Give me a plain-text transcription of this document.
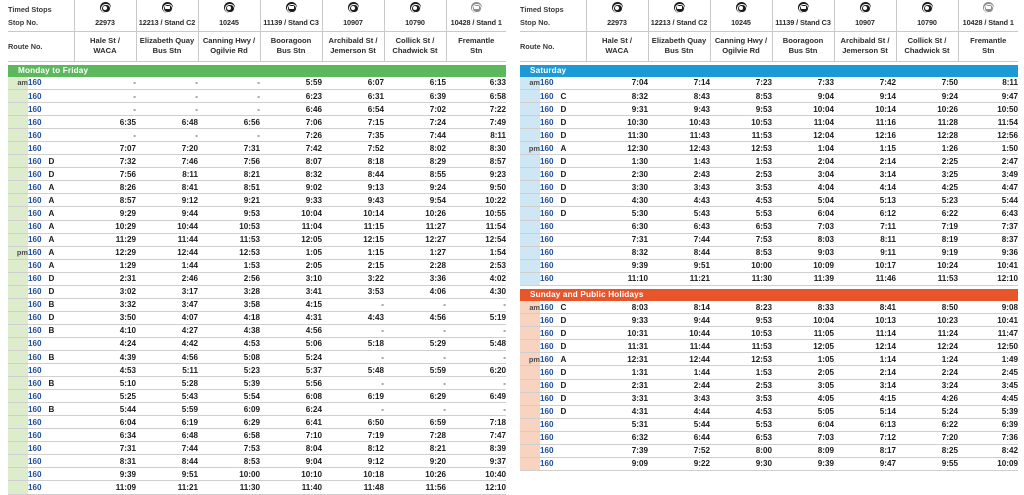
Timed Stops							
Stop No.	22973	12213 / Stand C2	10245	11139 / Stand C3	10907	10790	10428 / Stand 1
Route No.	
Hale St /
WACA

Elizabeth Quay
Bus Stn

Canning Hwy /
Ogilvie Rd

Booragoon
Bus Stn

Archibald St /
Jemerson St

Collick St /
Chadwick St

Fremantle
Stn
Monday to Friday
am	160	-	-	-	5:59	6:07	6:15	6:33
	160	-	-	-	6:23	6:31	6:39	6:58
	160	-	-	-	6:46	6:54	7:02	7:22
	160	6:35	6:48	6:56	7:06	7:15	7:24	7:49
	160	-	-	-	7:26	7:35	7:44	8:11
	160	7:07	7:20	7:31	7:42	7:52	8:02	8:30
	160 D	7:32	7:46	7:56	8:07	8:18	8:29	8:57
	160 D	7:56	8:11	8:21	8:32	8:44	8:55	9:23
	160 A	8:26	8:41	8:51	9:02	9:13	9:24	9:50
	160 A	8:57	9:12	9:21	9:33	9:43	9:54	10:22
	160 A	9:29	9:44	9:53	10:04	10:14	10:26	10:55
	160 A	10:29	10:44	10:53	11:04	11:15	11:27	11:54
	160 A	11:29	11:44	11:53	12:05	12:15	12:27	12:54
pm	160 A	12:29	12:44	12:53	1:05	1:15	1:27	1:54
	160 A	1:29	1:44	1:53	2:05	2:15	2:28	2:53
	160 D	2:31	2:46	2:56	3:10	3:22	3:36	4:02
	160 D	3:02	3:17	3:28	3:41	3:53	4:06	4:30
	160 B	3:32	3:47	3:58	4:15	-	-	-
	160 D	3:50	4:07	4:18	4:31	4:43	4:56	5:19
	160 B	4:10	4:27	4:38	4:56	-	-	-
	160	4:24	4:42	4:53	5:06	5:18	5:29	5:48
	160 B	4:39	4:56	5:08	5:24	-	-	-
	160	4:53	5:11	5:23	5:37	5:48	5:59	6:20
	160 B	5:10	5:28	5:39	5:56	-	-	-
	160	5:25	5:43	5:54	6:08	6:19	6:29	6:49
	160 B	5:44	5:59	6:09	6:24	-	-	-
	160	6:04	6:19	6:29	6:41	6:50	6:59	7:18
	160	6:34	6:48	6:58	7:10	7:19	7:28	7:47
	160	7:31	7:44	7:53	8:04	8:12	8:21	8:39
	160	8:31	8:44	8:53	9:04	9:12	9:20	9:37
	160	9:39	9:51	10:00	10:10	10:18	10:26	10:40
	160	11:09	11:21	11:30	11:40	11:48	11:56	12:10
Timed Stops							
Stop No.	22973	12213 / Stand C2	10245	11139 / Stand C3	10907	10790	10428 / Stand 1
Route No.	
Hale St /
WACA

Elizabeth Quay
Bus Stn

Canning Hwy /
Ogilvie Rd

Booragoon
Bus Stn

Archibald St /
Jemerson St

Collick St /
Chadwick St

Fremantle
Stn
Saturday
am	160	7:04	7:14	7:23	7:33	7:42	7:50	8:11
	160 C	8:32	8:43	8:53	9:04	9:14	9:24	9:47
	160 D	9:31	9:43	9:53	10:04	10:14	10:26	10:50
	160 D	10:30	10:43	10:53	11:04	11:16	11:28	11:54
	160 D	11:30	11:43	11:53	12:04	12:16	12:28	12:56
pm	160 A	12:30	12:43	12:53	1:04	1:15	1:26	1:50
	160 D	1:30	1:43	1:53	2:04	2:14	2:25	2:47
	160 D	2:30	2:43	2:53	3:04	3:14	3:25	3:49
	160 D	3:30	3:43	3:53	4:04	4:14	4:25	4:47
	160 D	4:30	4:43	4:53	5:04	5:13	5:23	5:44
	160 D	5:30	5:43	5:53	6:04	6:12	6:22	6:43
	160	6:30	6:43	6:53	7:03	7:11	7:19	7:37
	160	7:31	7:44	7:53	8:03	8:11	8:19	8:37
	160	8:32	8:44	8:53	9:03	9:11	9:19	9:36
	160	9:39	9:51	10:00	10:09	10:17	10:24	10:41
	160	11:10	11:21	11:30	11:39	11:46	11:53	12:10
Sunday and Public Holidays
am	160 C	8:03	8:14	8:23	8:33	8:41	8:50	9:08
	160 D	9:33	9:44	9:53	10:04	10:13	10:23	10:41
	160 D	10:31	10:44	10:53	11:05	11:14	11:24	11:47
	160 D	11:31	11:44	11:53	12:05	12:14	12:24	12:50
pm	160 A	12:31	12:44	12:53	1:05	1:14	1:24	1:49
	160 D	1:31	1:44	1:53	2:05	2:14	2:24	2:45
	160 D	2:31	2:44	2:53	3:05	3:14	3:24	3:45
	160 D	3:31	3:43	3:53	4:05	4:15	4:26	4:45
	160 D	4:31	4:44	4:53	5:05	5:14	5:24	5:39
	160	5:31	5:44	5:53	6:04	6:13	6:22	6:39
	160	6:32	6:44	6:53	7:03	7:12	7:20	7:36
	160	7:39	7:52	8:00	8:09	8:17	8:25	8:42
	160	9:09	9:22	9:30	9:39	9:47	9:55	10:09
